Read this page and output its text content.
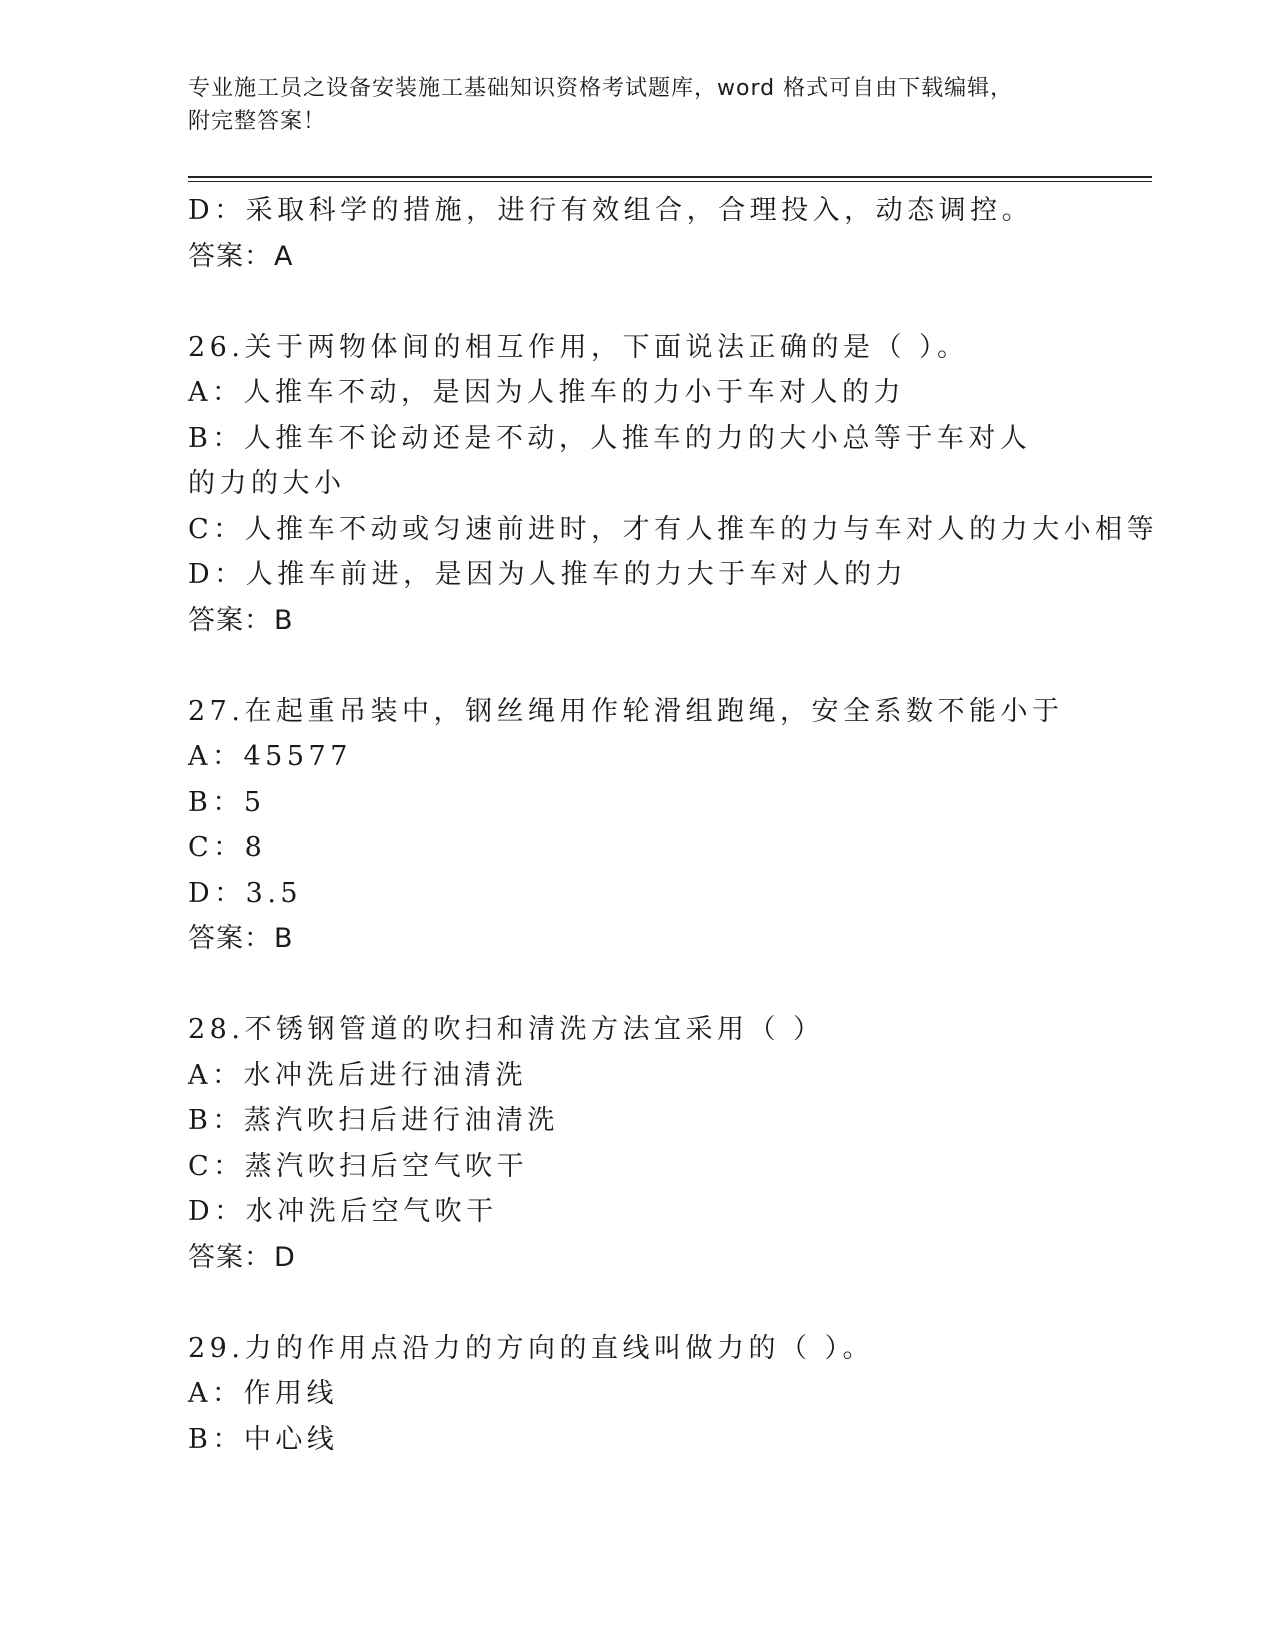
专业施工员之设备安装施工基础知识资格考试题库，word 格式可自由下载编辑，
附完整答案！
D：采取科学的措施，进行有效组合，合理投入，动态调控。
答案：A
26.关于两物体间的相互作用，下面说法正确的是（ ）。
A：人推车不动，是因为人推车的力小于车对人的力
B：人推车不论动还是不动，人推车的力的大小总等于车对人的力的大小
C：人推车不动或匀速前进时，才有人推车的力与车对人的力大小相等
D：人推车前进，是因为人推车的力大于车对人的力
答案：B
27.在起重吊装中，钢丝绳用作轮滑组跑绳，安全系数不能小于
A：45577
B：5
C：8
D：3.5
答案：B
28.不锈钢管道的吹扫和清洗方法宜采用（ ）
A：水冲洗后进行油清洗
B：蒸汽吹扫后进行油清洗
C：蒸汽吹扫后空气吹干
D：水冲洗后空气吹干
答案：D
29.力的作用点沿力的方向的直线叫做力的（ ）。
A：作用线
B：中心线
